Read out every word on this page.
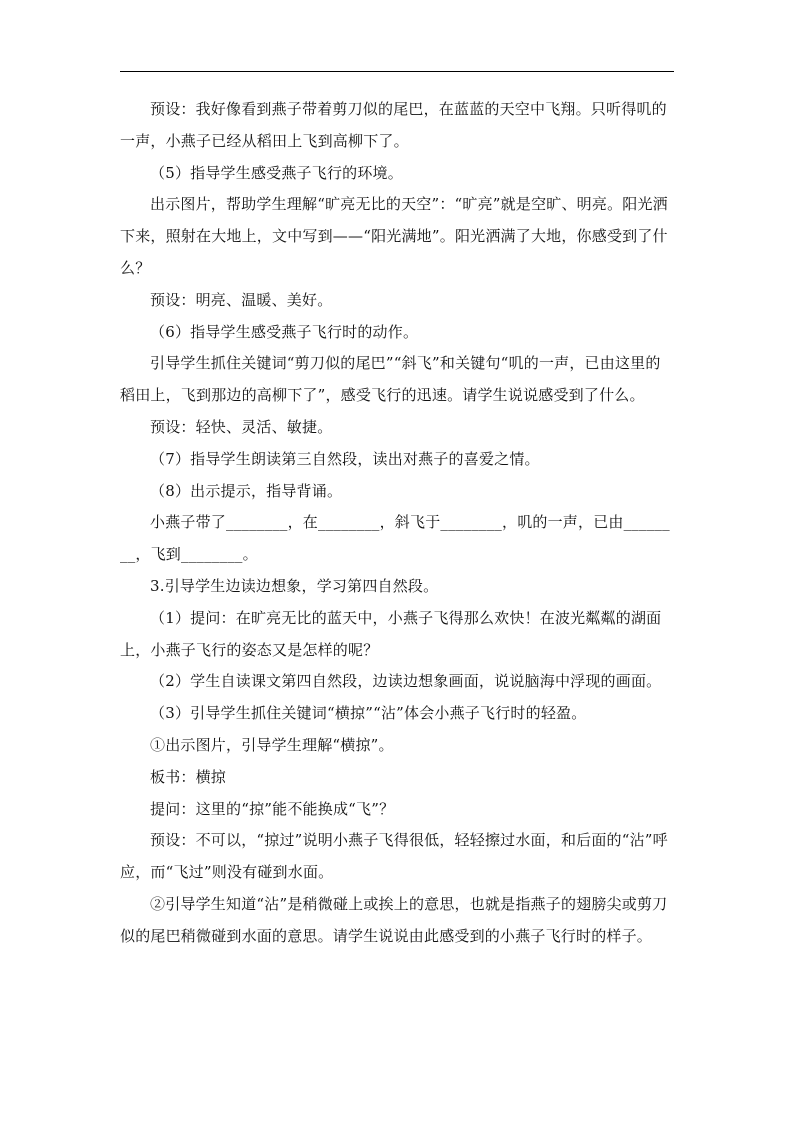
预设：我好像看到燕子带着剪刀似的尾巴，在蓝蓝的天空中飞翔。只听得叽的一声，小燕子已经从稻田上飞到高柳下了。

（5）指导学生感受燕子飞行的环境。

出示图片，帮助学生理解“旷亮无比的天空”：“旷亮”就是空旷、明亮。阳光洒下来，照射在大地上，文中写到——“阳光满地”。阳光洒满了大地，你感受到了什么？

预设：明亮、温暖、美好。

（6）指导学生感受燕子飞行时的动作。

引导学生抓住关键词“剪刀似的尾巴”“斜飞”和关键句“叽的一声，已由这里的稻田上，飞到那边的高柳下了”，感受飞行的迅速。请学生说说感受到了什么。

预设：轻快、灵活、敏捷。

（7）指导学生朗读第三自然段，读出对燕子的喜爱之情。

（8）出示提示，指导背诵。

小燕子带了________，在________，斜飞于________，叽的一声，已由________，飞到________。

3.引导学生边读边想象，学习第四自然段。

（1）提问：在旷亮无比的蓝天中，小燕子飞得那么欢快！在波光粼粼的湖面上，小燕子飞行的姿态又是怎样的呢？

（2）学生自读课文第四自然段，边读边想象画面，说说脑海中浮现的画面。

（3）引导学生抓住关键词“横掠”“沾”体会小燕子飞行时的轻盈。

①出示图片，引导学生理解“横掠”。

板书：横掠

提问：这里的“掠”能不能换成“飞”？

预设：不可以，“掠过”说明小燕子飞得很低，轻轻擦过水面，和后面的“沾”呼应，而“飞过”则没有碰到水面。

②引导学生知道“沾”是稍微碰上或挨上的意思，也就是指燕子的翅膀尖或剪刀似的尾巴稍微碰到水面的意思。请学生说说由此感受到的小燕子飞行时的样子。
